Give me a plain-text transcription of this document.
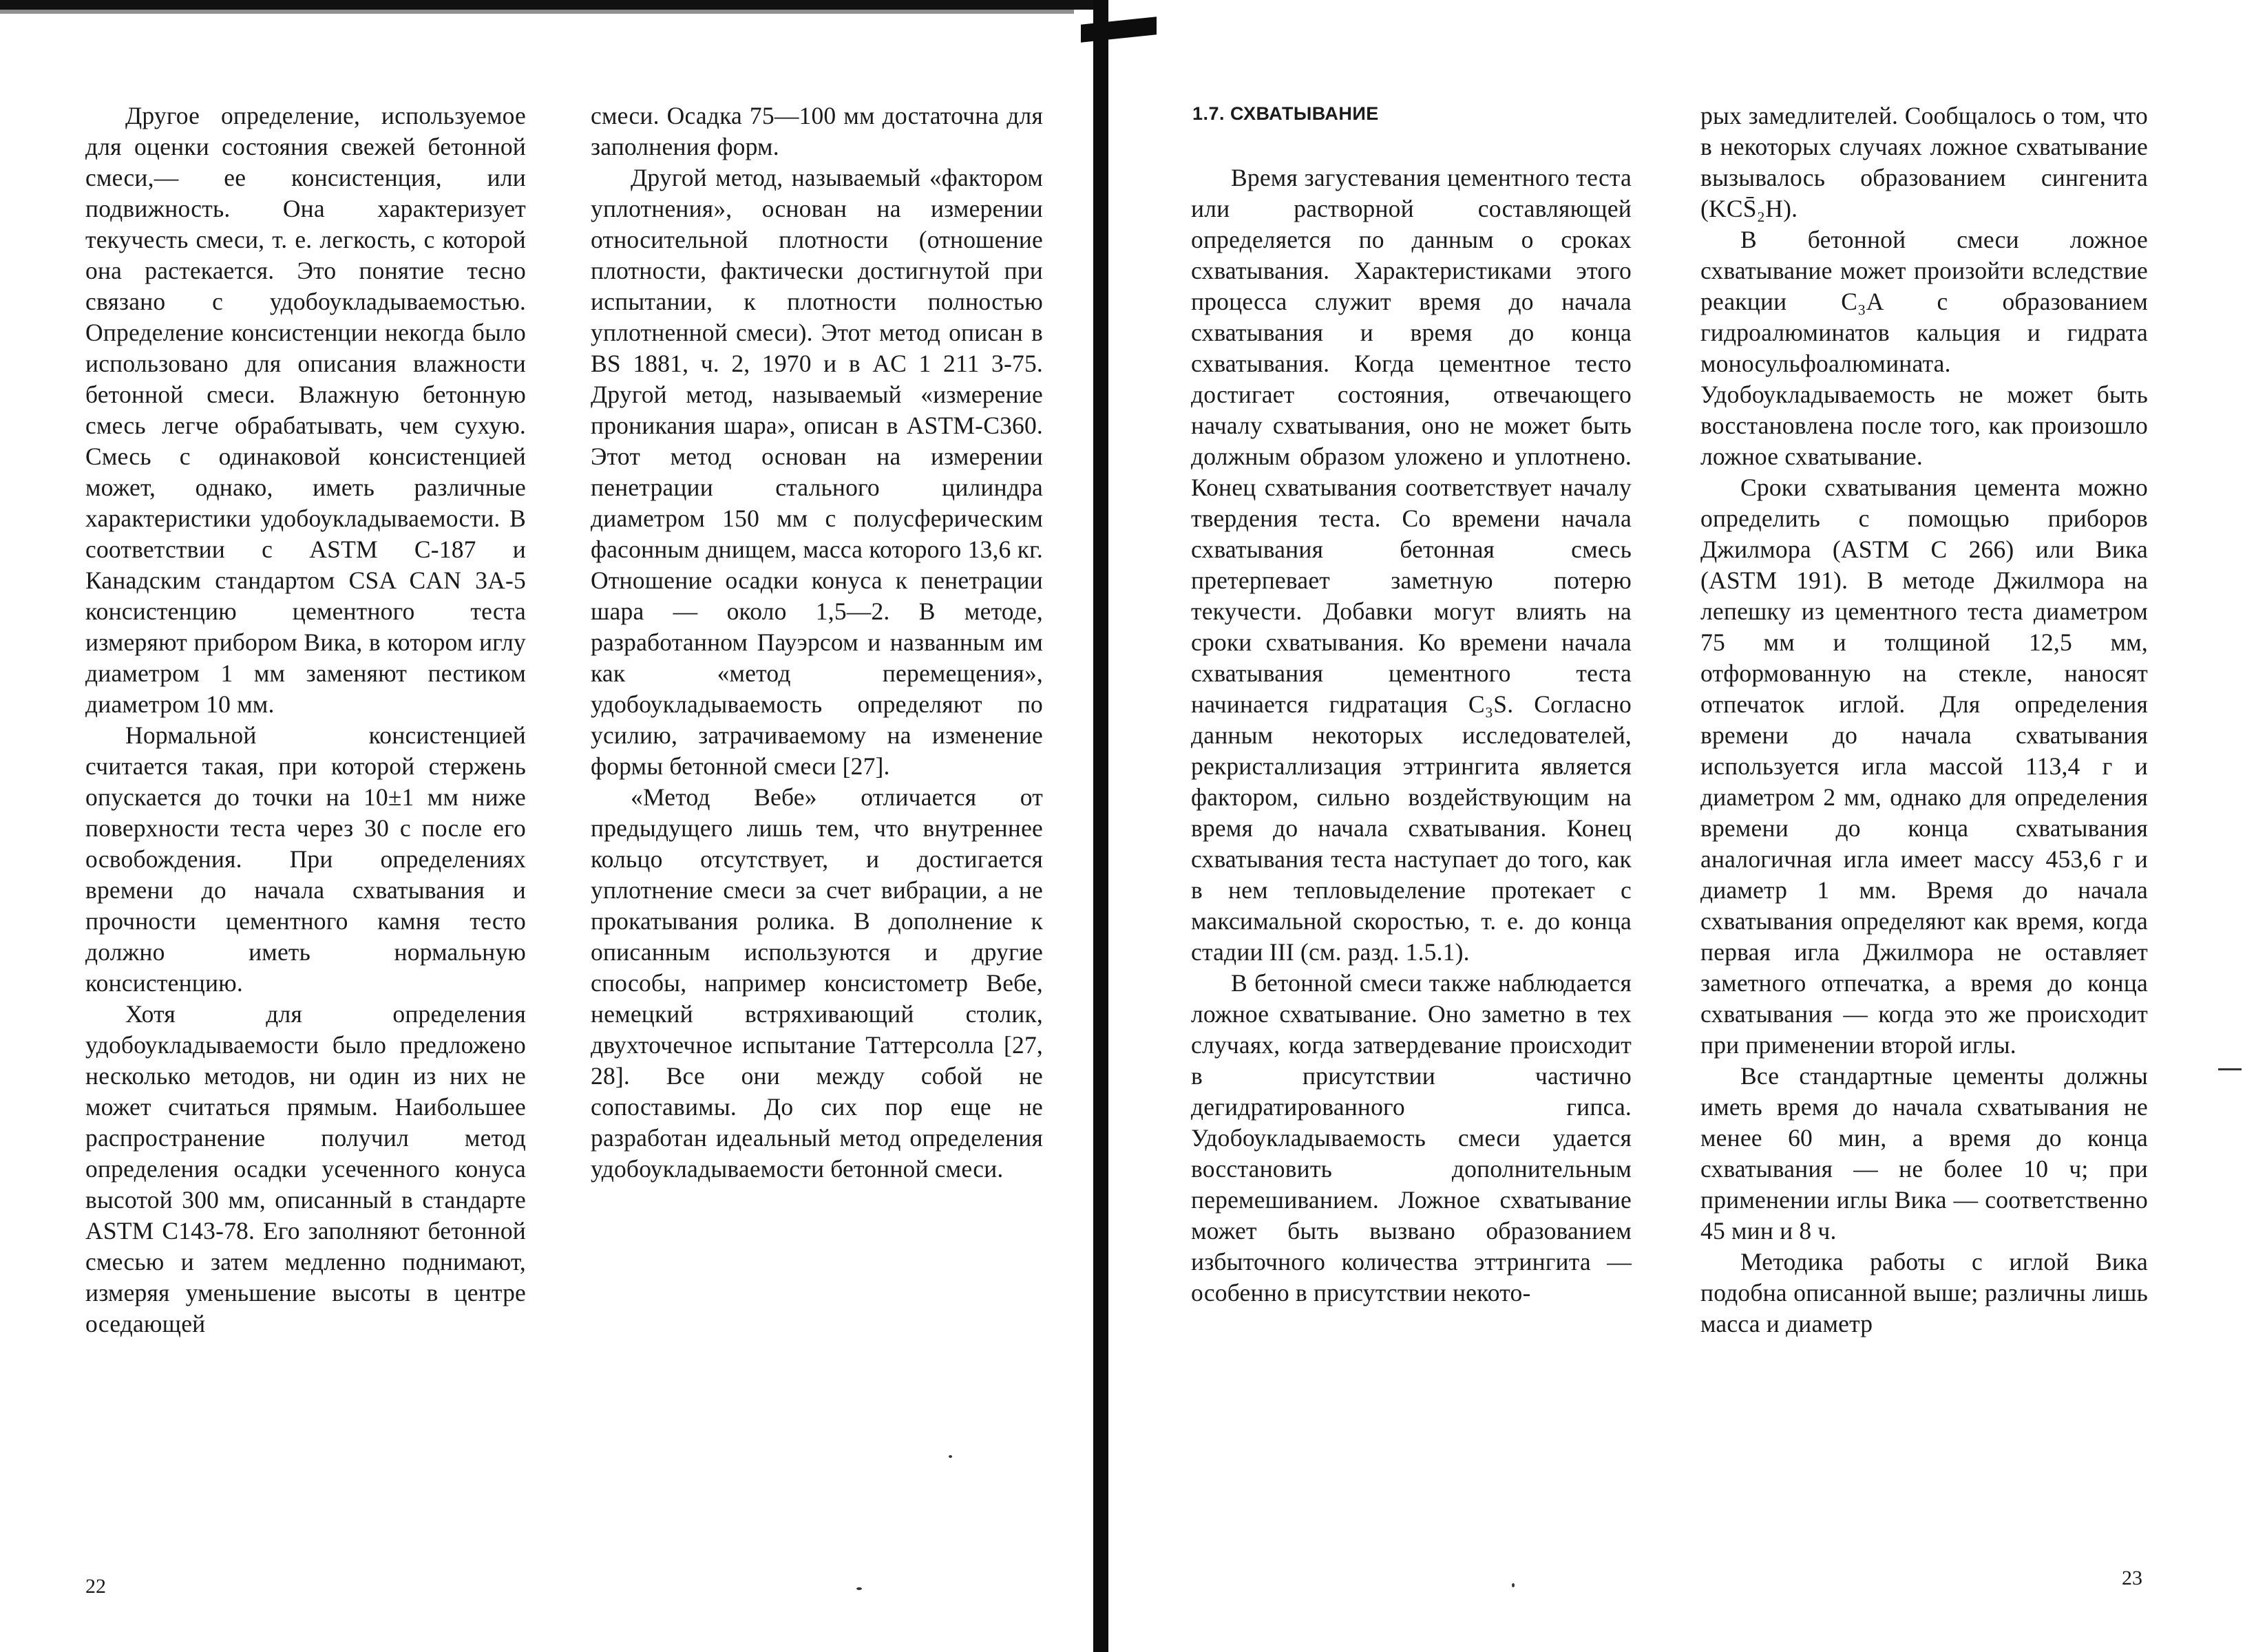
Другое определение, используемое для оценки состояния свежей бетонной смеси,— ее консистенция, или подвижность. Она характеризует текучесть смеси, т. е. легкость, с которой она растекается. Это понятие тесно связано с удобоукладываемостью. Определение консистенции некогда было использовано для описания влажности бетонной смеси. Влажную бетонную смесь легче обрабатывать, чем сухую. Смесь с одинаковой консистенцией может, однако, иметь различные характеристики удобоукладываемости. В соответствии с ASTM C-187 и Канадским стандартом CSA CAN 3A-5 консистенцию цементного теста измеряют прибором Вика, в котором иглу диаметром 1 мм заменяют пестиком диаметром 10 мм.

Нормальной консистенцией считается такая, при которой стержень опускается до точки на 10±1 мм ниже поверхности теста через 30 с после его освобождения. При определениях времени до начала схватывания и прочности цементного камня тесто должно иметь нормальную консистенцию.

Хотя для определения удобоукладываемости было предложено несколько методов, ни один из них не может считаться прямым. Наибольшее распространение получил метод определения осадки усеченного конуса высотой 300 мм, описанный в стандарте ASTM C143-78. Его заполняют бетонной смесью и затем медленно поднимают, измеряя уменьшение высоты в центре оседающей

смеси. Осадка 75—100 мм достаточна для заполнения форм.

Другой метод, называемый «фактором уплотнения», основан на измерении относительной плотности (отношение плотности, фактически достигнутой при испытании, к плотности полностью уплотненной смеси). Этот метод описан в BS 1881, ч. 2, 1970 и в AC 1 211 3-75. Другой метод, называемый «измерение проникания шара», описан в ASTM-C360. Этот метод основан на измерении пенетрации стального цилиндра диаметром 150 мм с полусферическим фасонным днищем, масса которого 13,6 кг. Отношение осадки конуса к пенетрации шара — около 1,5—2. В методе, разработанном Пауэрсом и названным им как «метод перемещения», удобоукладываемость определяют по усилию, затрачиваемому на изменение формы бетонной смеси [27].

«Метод Вебе» отличается от предыдущего лишь тем, что внутреннее кольцо отсутствует, и достигается уплотнение смеси за счет вибрации, а не прокатывания ролика. В дополнение к описанным используются и другие способы, например консистометр Вебе, немецкий встряхивающий столик, двухточечное испытание Таттерсолла [27, 28]. Все они между собой не сопоставимы. До сих пор еще не разработан идеальный метод определения удобоукладываемости бетонной смеси.

22
1.7. СХВАТЫВАНИЕ

Время загустевания цементного теста или растворной составляющей определяется по данным о сроках схватывания. Характеристиками этого процесса служит время до начала схватывания и время до конца схватывания. Когда цементное тесто достигает состояния, отвечающего началу схватывания, оно не может быть должным образом уложено и уплотнено. Конец схватывания соответствует началу твердения теста. Со времени начала схватывания бетонная смесь претерпевает заметную потерю текучести. Добавки могут влиять на сроки схватывания. Ко времени начала схватывания цементного теста начинается гидратация C₃S. Согласно данным некоторых исследователей, рекристаллизация эттрингита является фактором, сильно воздействующим на время до начала схватывания. Конец схватывания теста наступает до того, как в нем тепловыделение протекает с максимальной скоростью, т. е. до конца стадии III (см. разд. 1.5.1).

В бетонной смеси также наблюдается ложное схватывание. Оно заметно в тех случаях, когда затвердевание происходит в присутствии частично дегидратированного гипса. Удобоукладываемость смеси удается восстановить дополнительным перемешиванием. Ложное схватывание может быть вызвано образованием избыточного количества эттрингита — особенно в присутствии некото-

рых замедлителей. Сообщалось о том, что в некоторых случаях ложное схватывание вызывалось образованием сингенита (KCS̄₂H).

В бетонной смеси ложное схватывание может произойти вследствие реакции C₃A с образованием гидроалюминатов кальция и гидрата моносульфоалюмината. Удобоукладываемость не может быть восстановлена после того, как произошло ложное схватывание.

Сроки схватывания цемента можно определить с помощью приборов Джилмора (ASTM C 266) или Вика (ASTM 191). В методе Джилмора на лепешку из цементного теста диаметром 75 мм и толщиной 12,5 мм, отформованную на стекле, наносят отпечаток иглой. Для определения времени до начала схватывания используется игла массой 113,4 г и диаметром 2 мм, однако для определения времени до конца схватывания аналогичная игла имеет массу 453,6 г и диаметр 1 мм. Время до начала схватывания определяют как время, когда первая игла Джилмора не оставляет заметного отпечатка, а время до конца схватывания — когда это же происходит при применении второй иглы.

Все стандартные цементы должны иметь время до начала схватывания не менее 60 мин, а время до конца схватывания — не более 10 ч; при применении иглы Вика — соответственно 45 мин и 8 ч.

Методика работы с иглой Вика подобна описанной выше; различны лишь масса и диаметр

23
